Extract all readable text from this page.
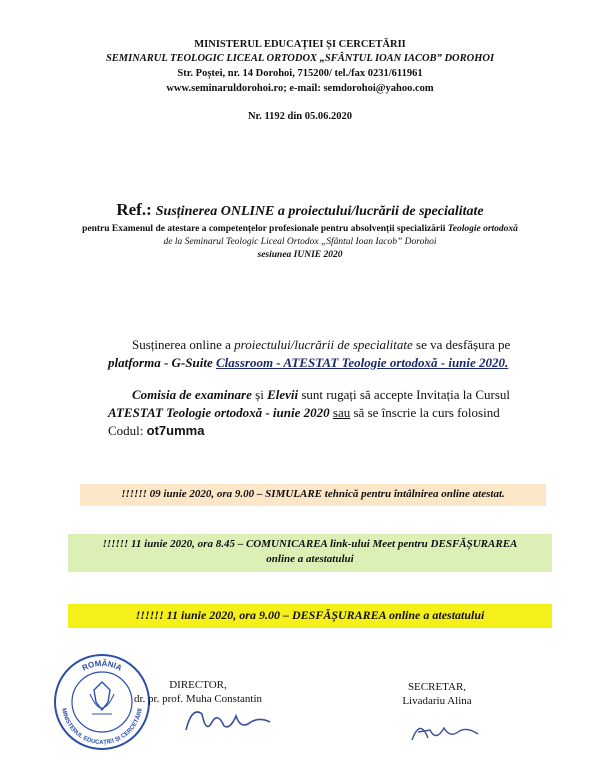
MINISTERUL EDUCAȚIEI ȘI CERCETĂRII
SEMINARUL TEOLOGIC LICEAL ORTODOX „SFÂNTUL IOAN IACOB” DOROHOI
Str. Poștei, nr. 14 Dorohoi, 715200/ tel./fax 0231/611961
www.seminaruldorohoi.ro; e-mail: semdorohoi@yahoo.com
Nr. 1192 din 05.06.2020
Ref.: Susținerea ONLINE a proiectului/lucrării de specialitate
pentru Examenul de atestare a competențelor profesionale pentru absolvenții specializării Teologie ortodoxă
de la Seminarul Teologic Liceal Ortodox „Sfântul Ioan Iacob” Dorohoi
sesiunea IUNIE 2020
Susținerea online a proiectului/lucrării de specialitate se va desfășura pe
platforma - G-Suite Classroom - ATESTAT Teologie ortodoxă - iunie 2020.
Comisia de examinare și Elevii sunt rugați să accepte Invitația la Cursul
ATESTAT Teologie ortodoxă - iunie 2020 sau să se înscrie la curs folosind
Codul: ot7umma
!!!!!! 09 iunie 2020, ora 9.00 – SIMULARE tehnică pentru întâlnirea online atestat.
!!!!!! 11 iunie 2020, ora 8.45 – COMUNICAREA link-ului Meet pentru DESFĂȘURAREA
online a atestatului
!!!!!! 11 iunie 2020, ora 9.00 – DESFĂȘURAREA online a atestatului
ROMÂNIA
MINISTERUL EDUCAȚIEI ȘI CERCETĂRII
DIRECTOR,
dr. pr. prof. Muha Constantin
SECRETAR,
Livadariu Alina
